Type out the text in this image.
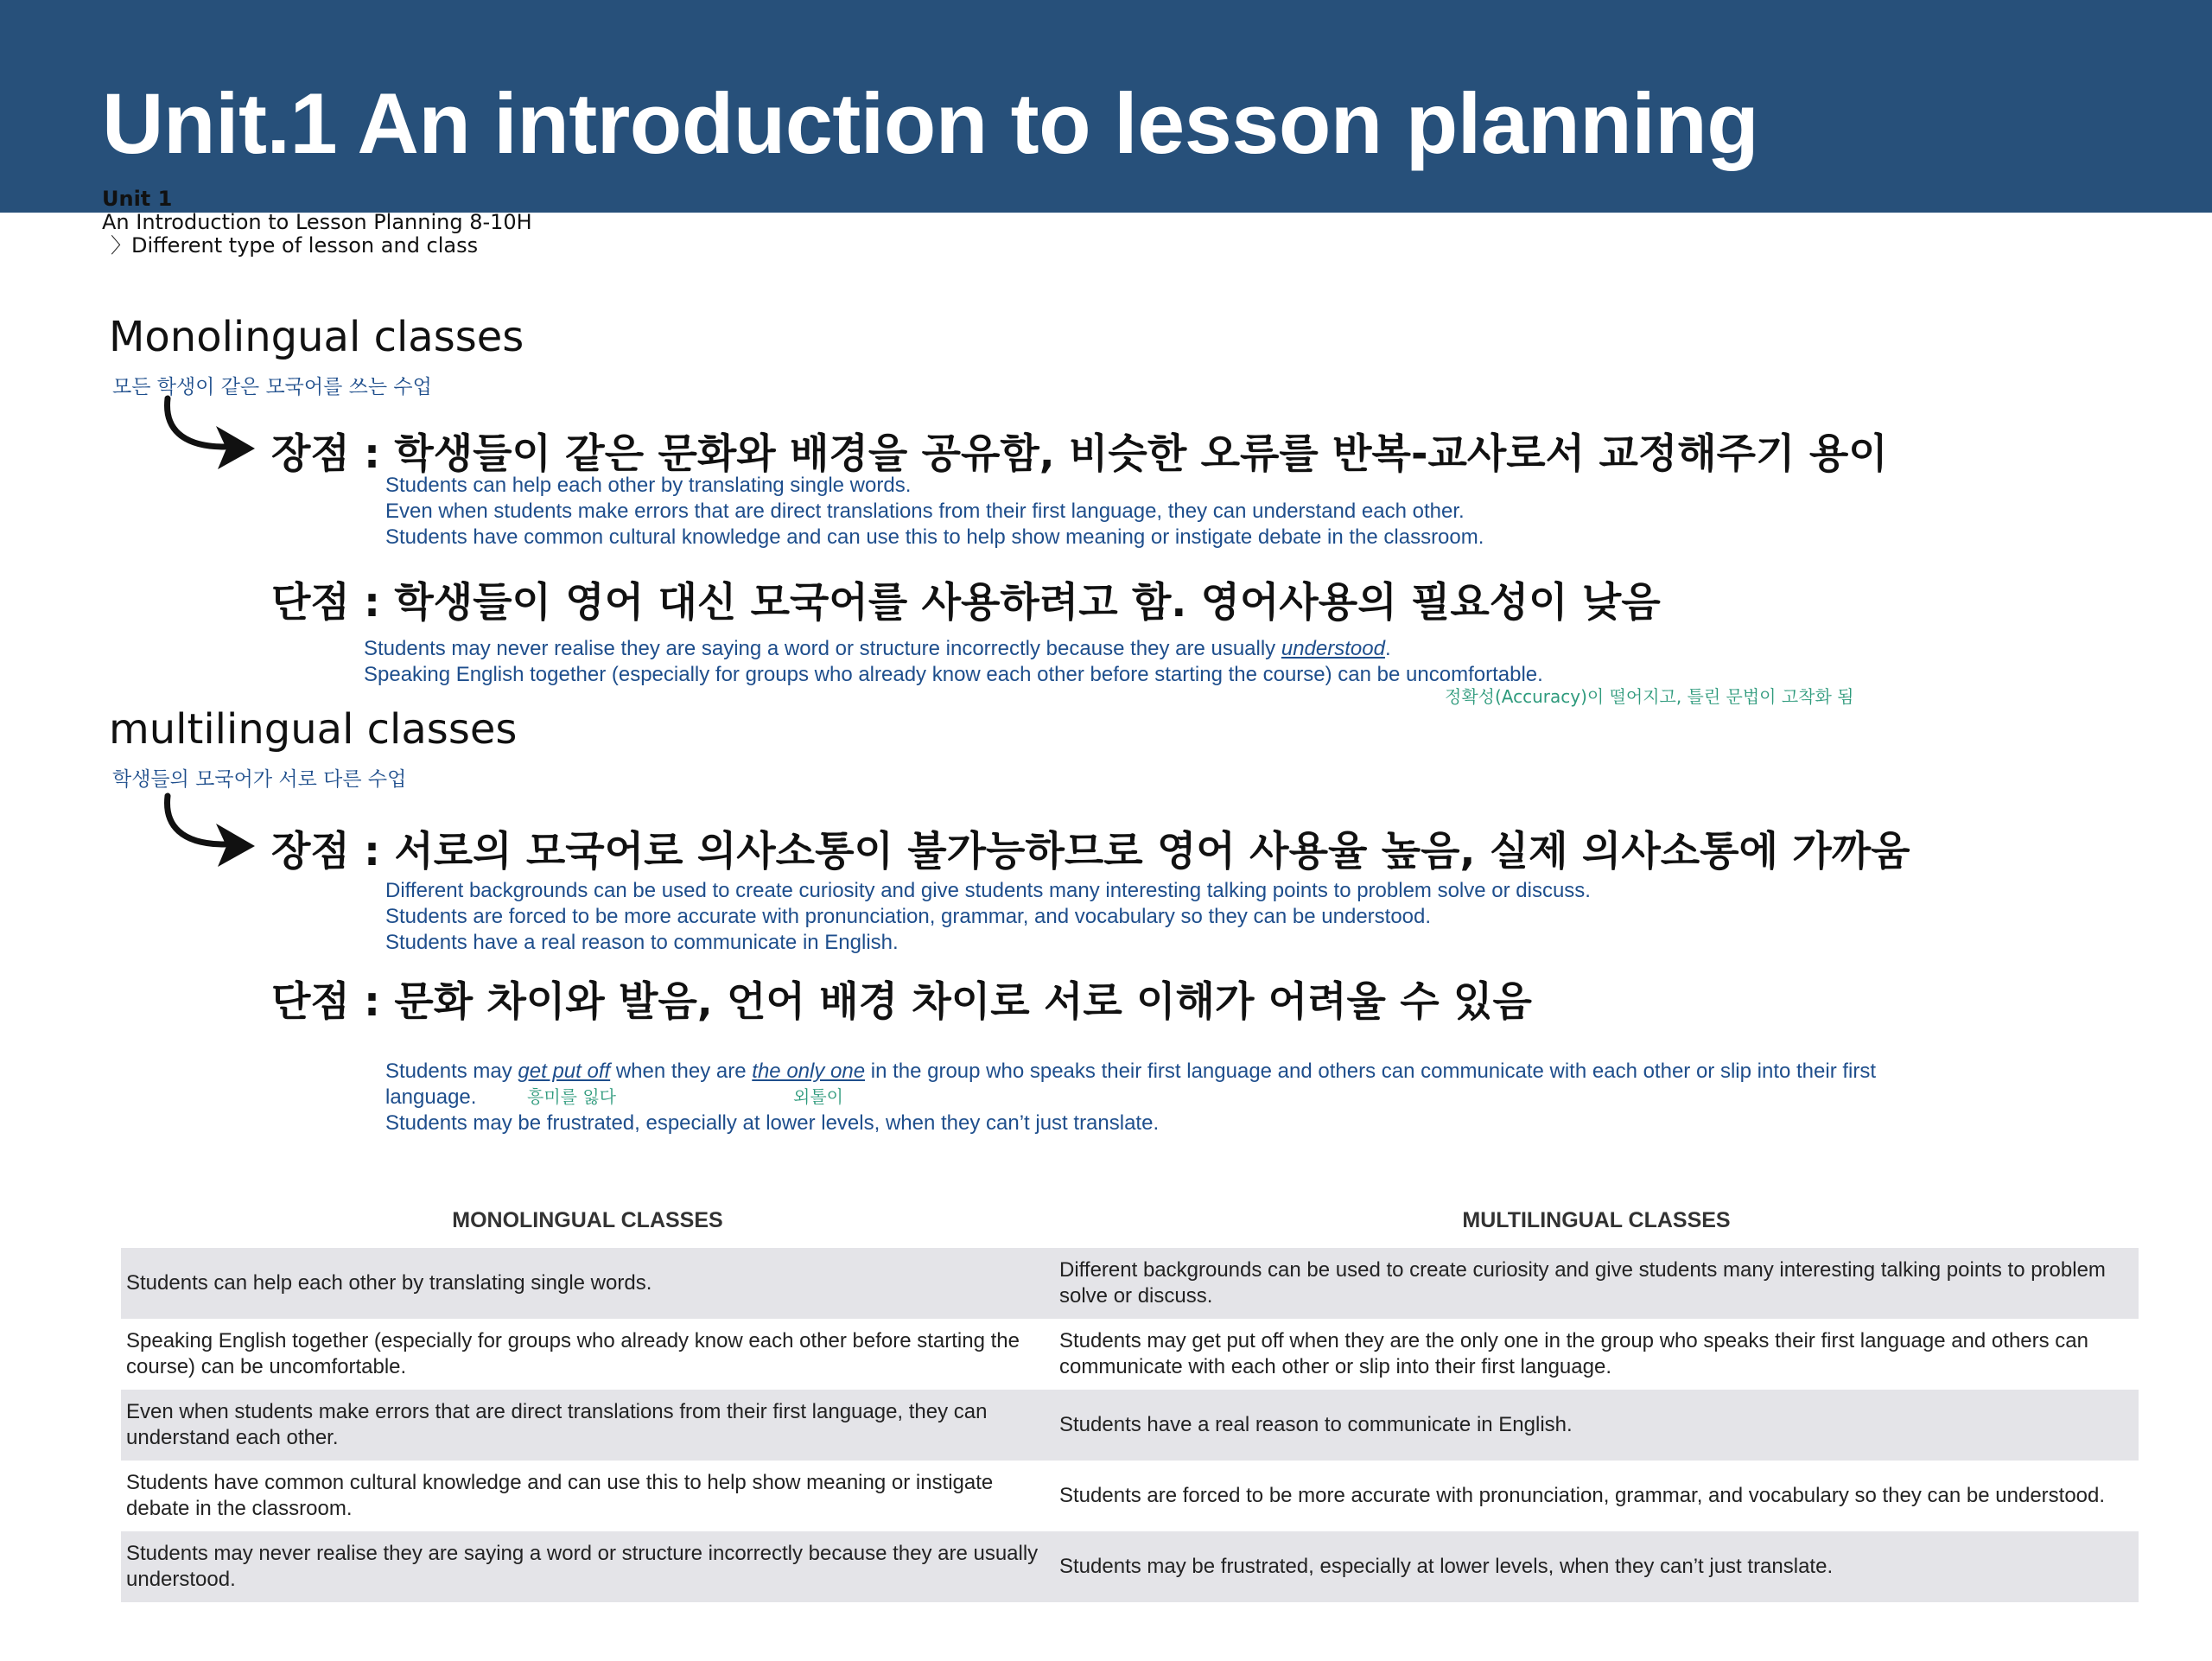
Unit.1 An introduction to lesson planning
Unit 1
An Introduction to Lesson Planning 8-10H
〉Different type of lesson and class
Monolingual classes
모든 학생이 같은 모국어를 쓰는 수업
장점 : 학생들이 같은 문화와 배경을 공유함, 비슷한 오류를 반복-교사로서 교정해주기 용이
Students can help each other by translating single words.
Even when students make errors that are direct translations from their first language, they can understand each other.
Students have common cultural knowledge and can use this to help show meaning or instigate debate in the classroom.
단점 : 학생들이 영어 대신 모국어를 사용하려고 함. 영어사용의 필요성이 낮음
Students may never realise they are saying a word or structure incorrectly because they are usually understood.
Speaking English together (especially for groups who already know each other before starting the course) can be uncomfortable.
정확성(Accuracy)이 떨어지고, 틀린 문법이 고착화 됨
multilingual classes
학생들의 모국어가 서로 다른 수업
장점 : 서로의 모국어로 의사소통이 불가능하므로 영어 사용율 높음, 실제 의사소통에 가까움
Different backgrounds can be used to create curiosity and give students many interesting talking points to problem solve or discuss.
Students are forced to be more accurate with pronunciation, grammar, and vocabulary so they can be understood.
Students have a real reason to communicate in English.
단점 : 문화 차이와 발음, 언어 배경 차이로 서로 이해가 어려울 수 있음
Students may get put off when they are the only one in the group who speaks their first language and others can communicate with each other or slip into their first
language.	흥미를 잃다	외톨이
Students may be frustrated, especially at lower levels, when they can’t just translate.
MONOLINGUAL CLASSES	MULTILINGUAL CLASSES
Students can help each other by translating single words.	Different backgrounds can be used to create curiosity and give students many interesting talking points to problem solve or discuss.
Speaking English together (especially for groups who already know each other before starting the course) can be uncomfortable.	Students may get put off when they are the only one in the group who speaks their first language and others can communicate with each other or slip into their first language.
Even when students make errors that are direct translations from their first language, they can understand each other.	Students have a real reason to communicate in English.
Students have common cultural knowledge and can use this to help show meaning or instigate debate in the classroom.	Students are forced to be more accurate with pronunciation, grammar, and vocabulary so they can be understood.
Students may never realise they are saying a word or structure incorrectly because they are usually understood.	Students may be frustrated, especially at lower levels, when they can’t just translate.
